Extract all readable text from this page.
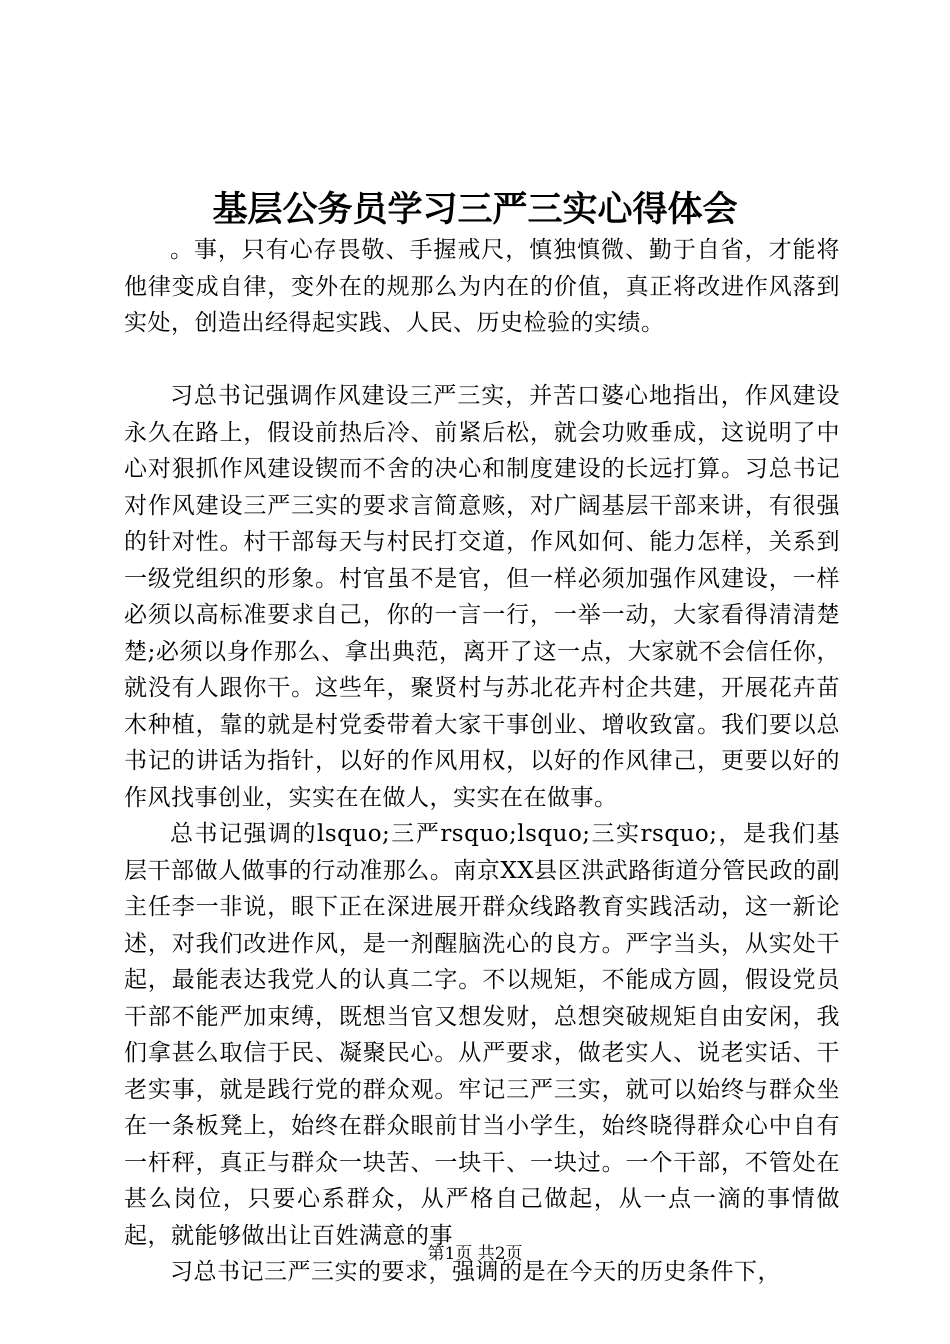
基层公务员学习三严三实心得体会

。事，只有心存畏敬、手握戒尺，慎独慎微、勤于自省，才能将他律变成自律，变外在的规那么为内在的价值，真正将改进作风落到实处，创造出经得起实践、人民、历史检验的实绩。

习总书记强调作风建设三严三实，并苦口婆心地指出，作风建设永久在路上，假设前热后冷、前紧后松，就会功败垂成，这说明了中心对狠抓作风建设锲而不舍的决心和制度建设的长远打算。习总书记对作风建设三严三实的要求言简意赅，对广阔基层干部来讲，有很强的针对性。村干部每天与村民打交道，作风如何、能力怎样，关系到一级党组织的形象。村官虽不是官，但一样必须加强作风建设，一样必须以高标准要求自己，你的一言一行，一举一动，大家看得清清楚楚;必须以身作那么、拿出典范，离开了这一点，大家就不会信任你，就没有人跟你干。这些年，聚贤村与苏北花卉村企共建，开展花卉苗木种植，靠的就是村党委带着大家干事创业、增收致富。我们要以总书记的讲话为指针，以好的作风用权，以好的作风律己，更要以好的作风找事创业，实实在在做人，实实在在做事。

总书记强调的lsquo;三严rsquo;lsquo;三实rsquo;，是我们基层干部做人做事的行动准那么。南京XX县区洪武路街道分管民政的副主任李一非说，眼下正在深进展开群众线路教育实践活动，这一新论述，对我们改进作风，是一剂醒脑洗心的良方。严字当头，从实处干起，最能表达我党人的认真二字。不以规矩，不能成方圆，假设党员干部不能严加束缚，既想当官又想发财，总想突破规矩自由安闲，我们拿甚么取信于民、凝聚民心。从严要求，做老实人、说老实话、干老实事，就是践行党的群众观。牢记三严三实，就可以始终与群众坐在一条板凳上，始终在群众眼前甘当小学生，始终晓得群众心中自有一杆秤，真正与群众一块苦、一块干、一块过。一个干部，不管处在甚么岗位，只要心系群众，从严格自己做起，从一点一滴的事情做起，就能够做出让百姓满意的事

习总书记三严三实的要求，强调的是在今天的历史条件下，

第1页 共2页
